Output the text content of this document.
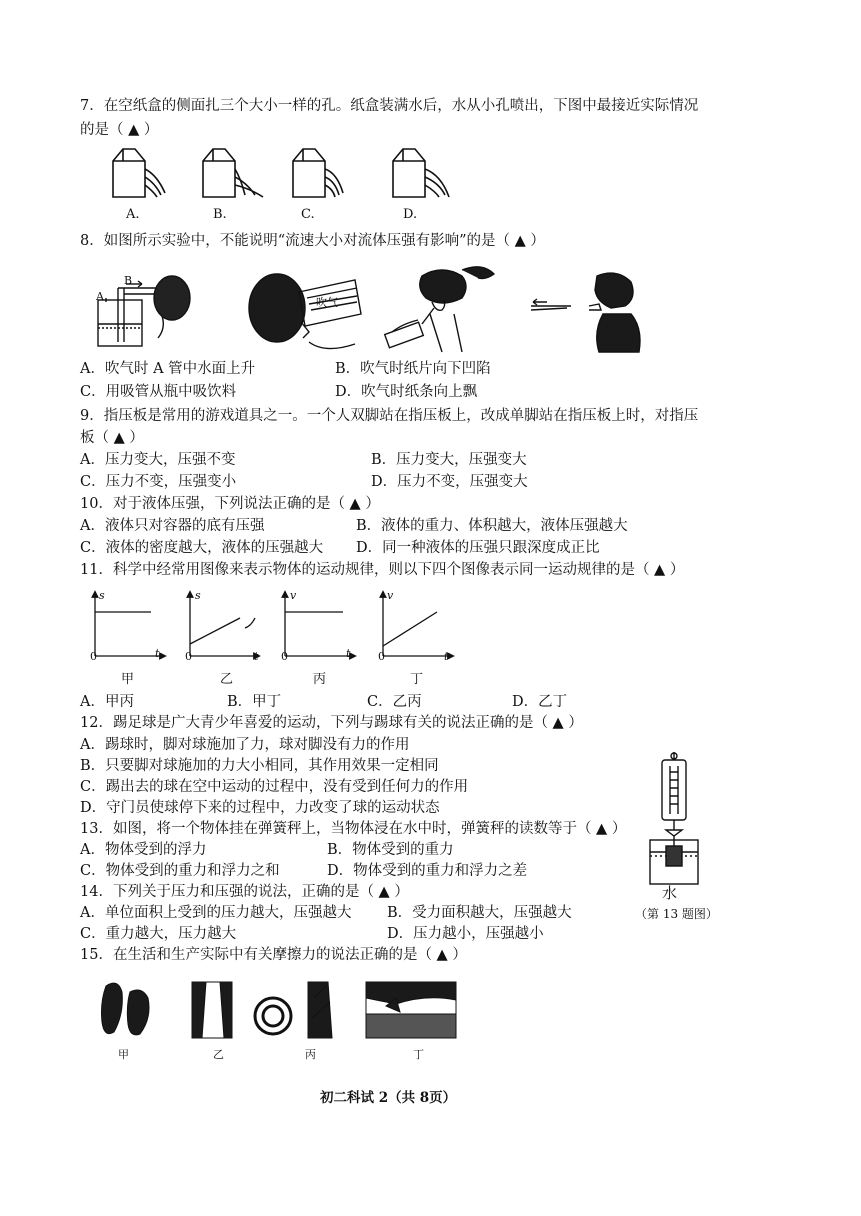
7．在空纸盒的侧面扎三个大小一样的孔。纸盒装满水后，水从小孔喷出，下图中最接近实际情况
的是（ ▲ ）
A.	B.	C.	D.
8．如图所示实验中，不能说明“流速大小对流体压强有影响”的是（ ▲ ）
B
A	吹气
A．吹气时 A 管中水面上升	B．吹气时纸片向下凹陷
C．用吸管从瓶中吸饮料	D．吹气时纸条向上飘
9．指压板是常用的游戏道具之一。一个人双脚站在指压板上，改成单脚站在指压板上时，对指压
板（ ▲ ）
A．压力变大，压强不变	B．压力变大，压强变大
C．压力不变，压强变小	D．压力不变，压强变大
10．对于液体压强，下列说法正确的是（ ▲ ）
A．液体只对容器的底有压强	B．液体的重力、体积越大，液体压强越大
C．液体的密度越大，液体的压强越大 D．同一种液体的压强只跟深度成正比
11．科学中经常用图像来表示物体的运动规律，则以下四个图像表示同一运动规律的是（ ▲ ）
s
t
0
s
t
0
v
t
0
v
t
0
甲	乙	丙	丁
A．甲丙	B．甲丁	C．乙丙	D．乙丁
12．踢足球是广大青少年喜爱的运动，下列与踢球有关的说法正确的是（ ▲ ）
A．踢球时，脚对球施加了力，球对脚没有力的作用
B．只要脚对球施加的力大小相同，其作用效果一定相同
C．踢出去的球在空中运动的过程中，没有受到任何力的作用
D．守门员使球停下来的过程中，力改变了球的运动状态
水
（第 13 题图）
13．如图，将一个物体挂在弹簧秤上，当物体浸在水中时，弹簧秤的读数等于（ ▲ ）
A．物体受到的浮力	B．物体受到的重力
C．物体受到的重力和浮力之和	D．物体受到的重力和浮力之差
14．下列关于压力和压强的说法，正确的是（ ▲ ）
A．单位面积上受到的压力越大，压强越大 B．受力面积越大，压强越大
C．重力越大，压力越大	D．压力越小，压强越小
15．在生活和生产实际中有关摩擦力的说法正确的是（ ▲ ）
甲	乙	丙	丁
初二科试 2（共 8页）
